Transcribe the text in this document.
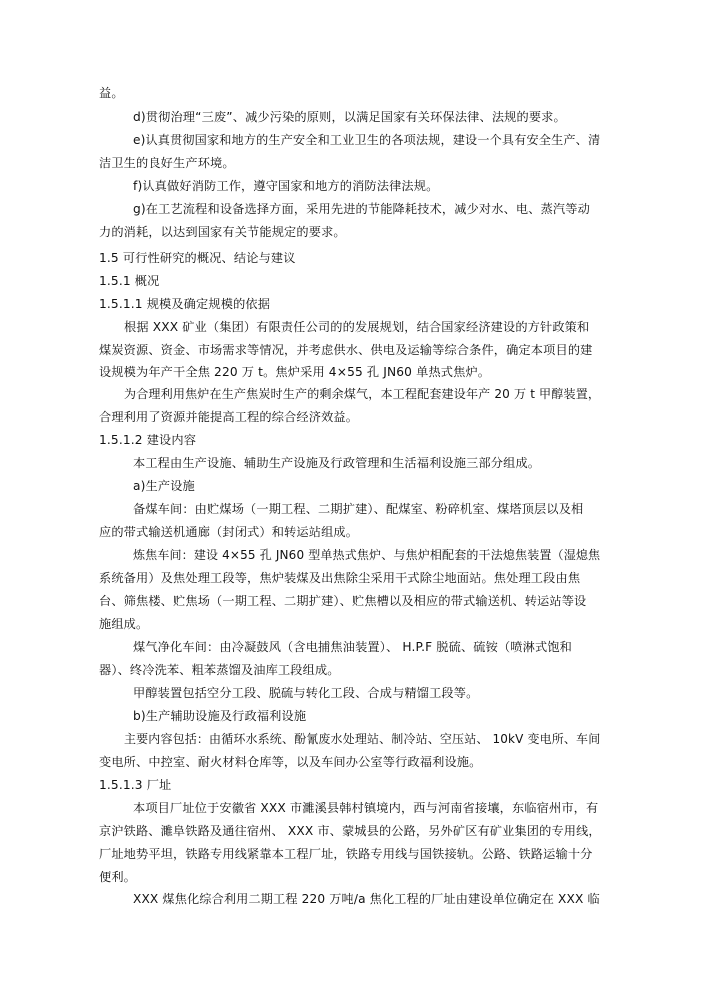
益。
d)贯彻治理“三废”、减少污染的原则，以满足国家有关环保法律、法规的要求。
e)认真贯彻国家和地方的生产安全和工业卫生的各项法规，建设一个具有安全生产、清
洁卫生的良好生产环境。
f)认真做好消防工作，遵守国家和地方的消防法律法规。
g)在工艺流程和设备选择方面，采用先进的节能降耗技术，减少对水、电、蒸汽等动
力的消耗，以达到国家有关节能规定的要求。
1.5 可行性研究的概况、结论与建议
1.5.1 概况
1.5.1.1 规模及确定规模的依据
根据 XXX 矿业（集团）有限责任公司的的发展规划，结合国家经济建设的方针政策和
煤炭资源、资金、市场需求等情况，并考虑供水、供电及运输等综合条件，确定本项目的建
设规模为年产干全焦 220 万 t。焦炉采用 4×55 孔 JN60 单热式焦炉。
为合理利用焦炉在生产焦炭时生产的剩余煤气，本工程配套建设年产 20 万 t 甲醇装置，
合理利用了资源并能提高工程的综合经济效益。
1.5.1.2 建设内容
本工程由生产设施、辅助生产设施及行政管理和生活福利设施三部分组成。
a)生产设施
备煤车间：由贮煤场（一期工程、二期扩建）、配煤室、粉碎机室、煤塔顶层以及相
应的带式输送机通廊（封闭式）和转运站组成。
炼焦车间：建设 4×55 孔 JN60 型单热式焦炉、与焦炉相配套的干法熄焦装置（湿熄焦
系统备用）及焦处理工段等，焦炉装煤及出焦除尘采用干式除尘地面站。焦处理工段由焦
台、筛焦楼、贮焦场（一期工程、二期扩建）、贮焦槽以及相应的带式输送机、转运站等设
施组成。
煤气净化车间：由冷凝鼓风（含电捕焦油装置）、 H.P.F 脱硫、硫铵（喷淋式饱和
器）、终冷洗苯、粗苯蒸馏及油库工段组成。
甲醇装置包括空分工段、脱硫与转化工段、合成与精馏工段等。
b)生产辅助设施及行政福利设施
主要内容包括：由循环水系统、酚氰废水处理站、制冷站、空压站、 10kV 变电所、车间
变电所、中控室、耐火材料仓库等，以及车间办公室等行政福利设施。
1.5.1.3 厂址
本项目厂址位于安徽省 XXX 市濉溪县韩村镇境内，西与河南省接壤，东临宿州市，有
京沪铁路、濉阜铁路及通往宿州、 XXX 市、蒙城县的公路，另外矿区有矿业集团的专用线，
厂址地势平坦，铁路专用线紧靠本工程厂址，铁路专用线与国铁接轨。公路、铁路运输十分
便利。
XXX 煤焦化综合利用二期工程 220 万吨/a 焦化工程的厂址由建设单位确定在 XXX 临
